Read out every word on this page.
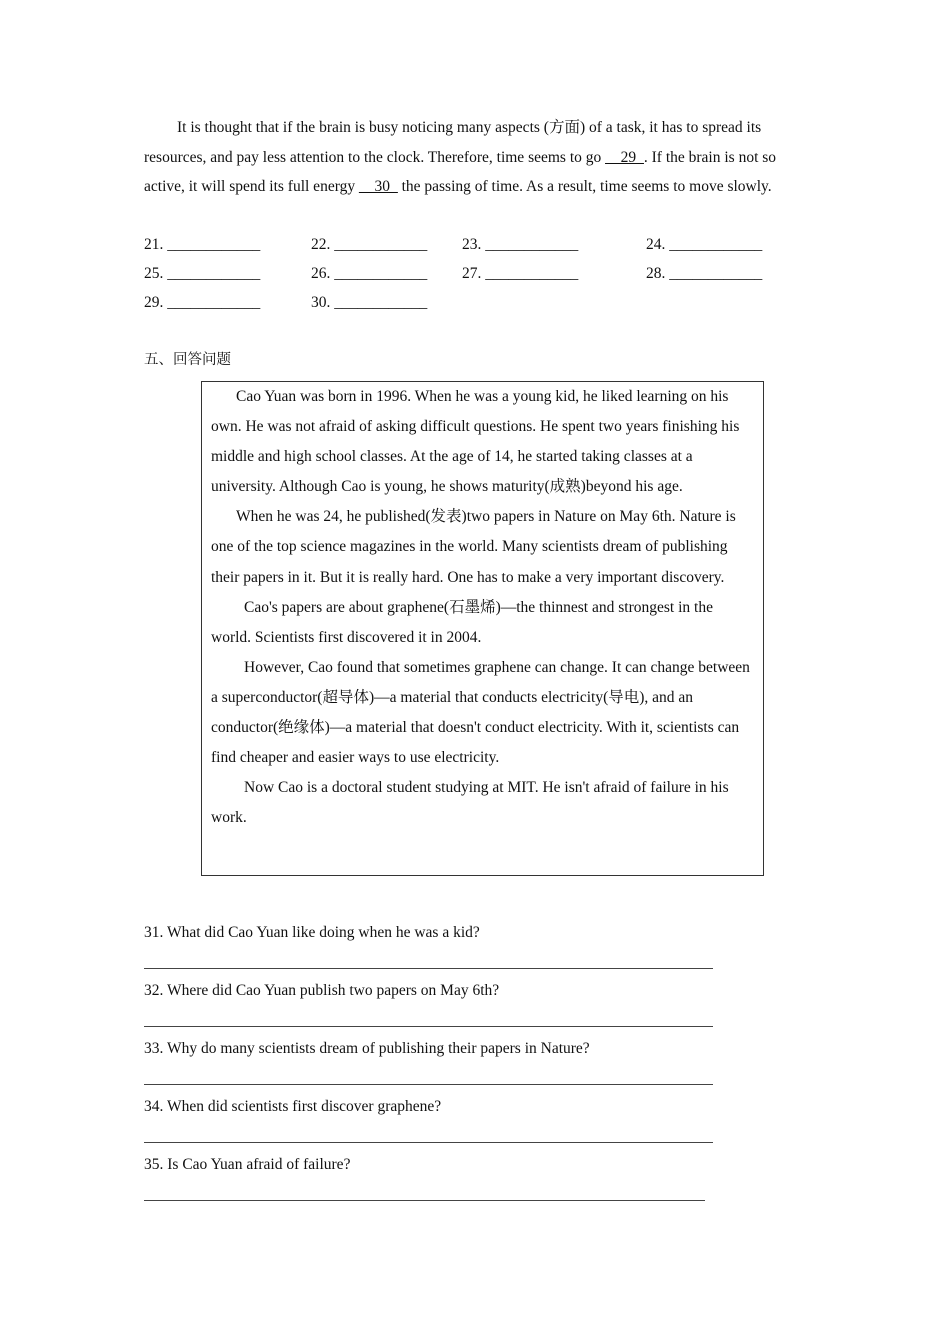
It is thought that if the brain is busy noticing many aspects (方面) of a task, it has to spread its resources, and pay less attention to the clock. Therefore, time seems to go __29_. If the brain is not so active, it will spend its full energy __30_ the passing of time. As a result, time seems to move slowly.

21. ____________	22. ____________ 23. ____________	24. ____________
25. ____________	26. ____________ 27. ____________	28. ____________
29. ____________	30. ____________
五、回答问题

Cao Yuan was born in 1996. When he was a young kid, he liked learning on his own. He was not afraid of asking difficult questions. He spent two years finishing his middle and high school classes. At the age of 14, he started taking classes at a university. Although Cao is young, he shows maturity(成熟)beyond his age.

When he was 24, he published(发表)two papers in Nature on May 6th. Nature is one of the top science magazines in the world. Many scientists dream of publishing their papers in it. But it is really hard. One has to make a very important discovery.

Cao's papers are about graphene(石墨烯)—the thinnest and strongest in the world. Scientists first discovered it in 2004.

However, Cao found that sometimes graphene can change. It can change between a superconductor(超导体)—a material that conducts electricity(导电), and an conductor(绝缘体)—a material that doesn't conduct electricity. With it, scientists can find cheaper and easier ways to use electricity.

Now Cao is a doctoral student studying at MIT. He isn't afraid of failure in his work.

31. What did Cao Yuan like doing when he was a kid?
32. Where did Cao Yuan publish two papers on May 6th?
33. Why do many scientists dream of publishing their papers in Nature?
34. When did scientists first discover graphene?
35. Is Cao Yuan afraid of failure?
